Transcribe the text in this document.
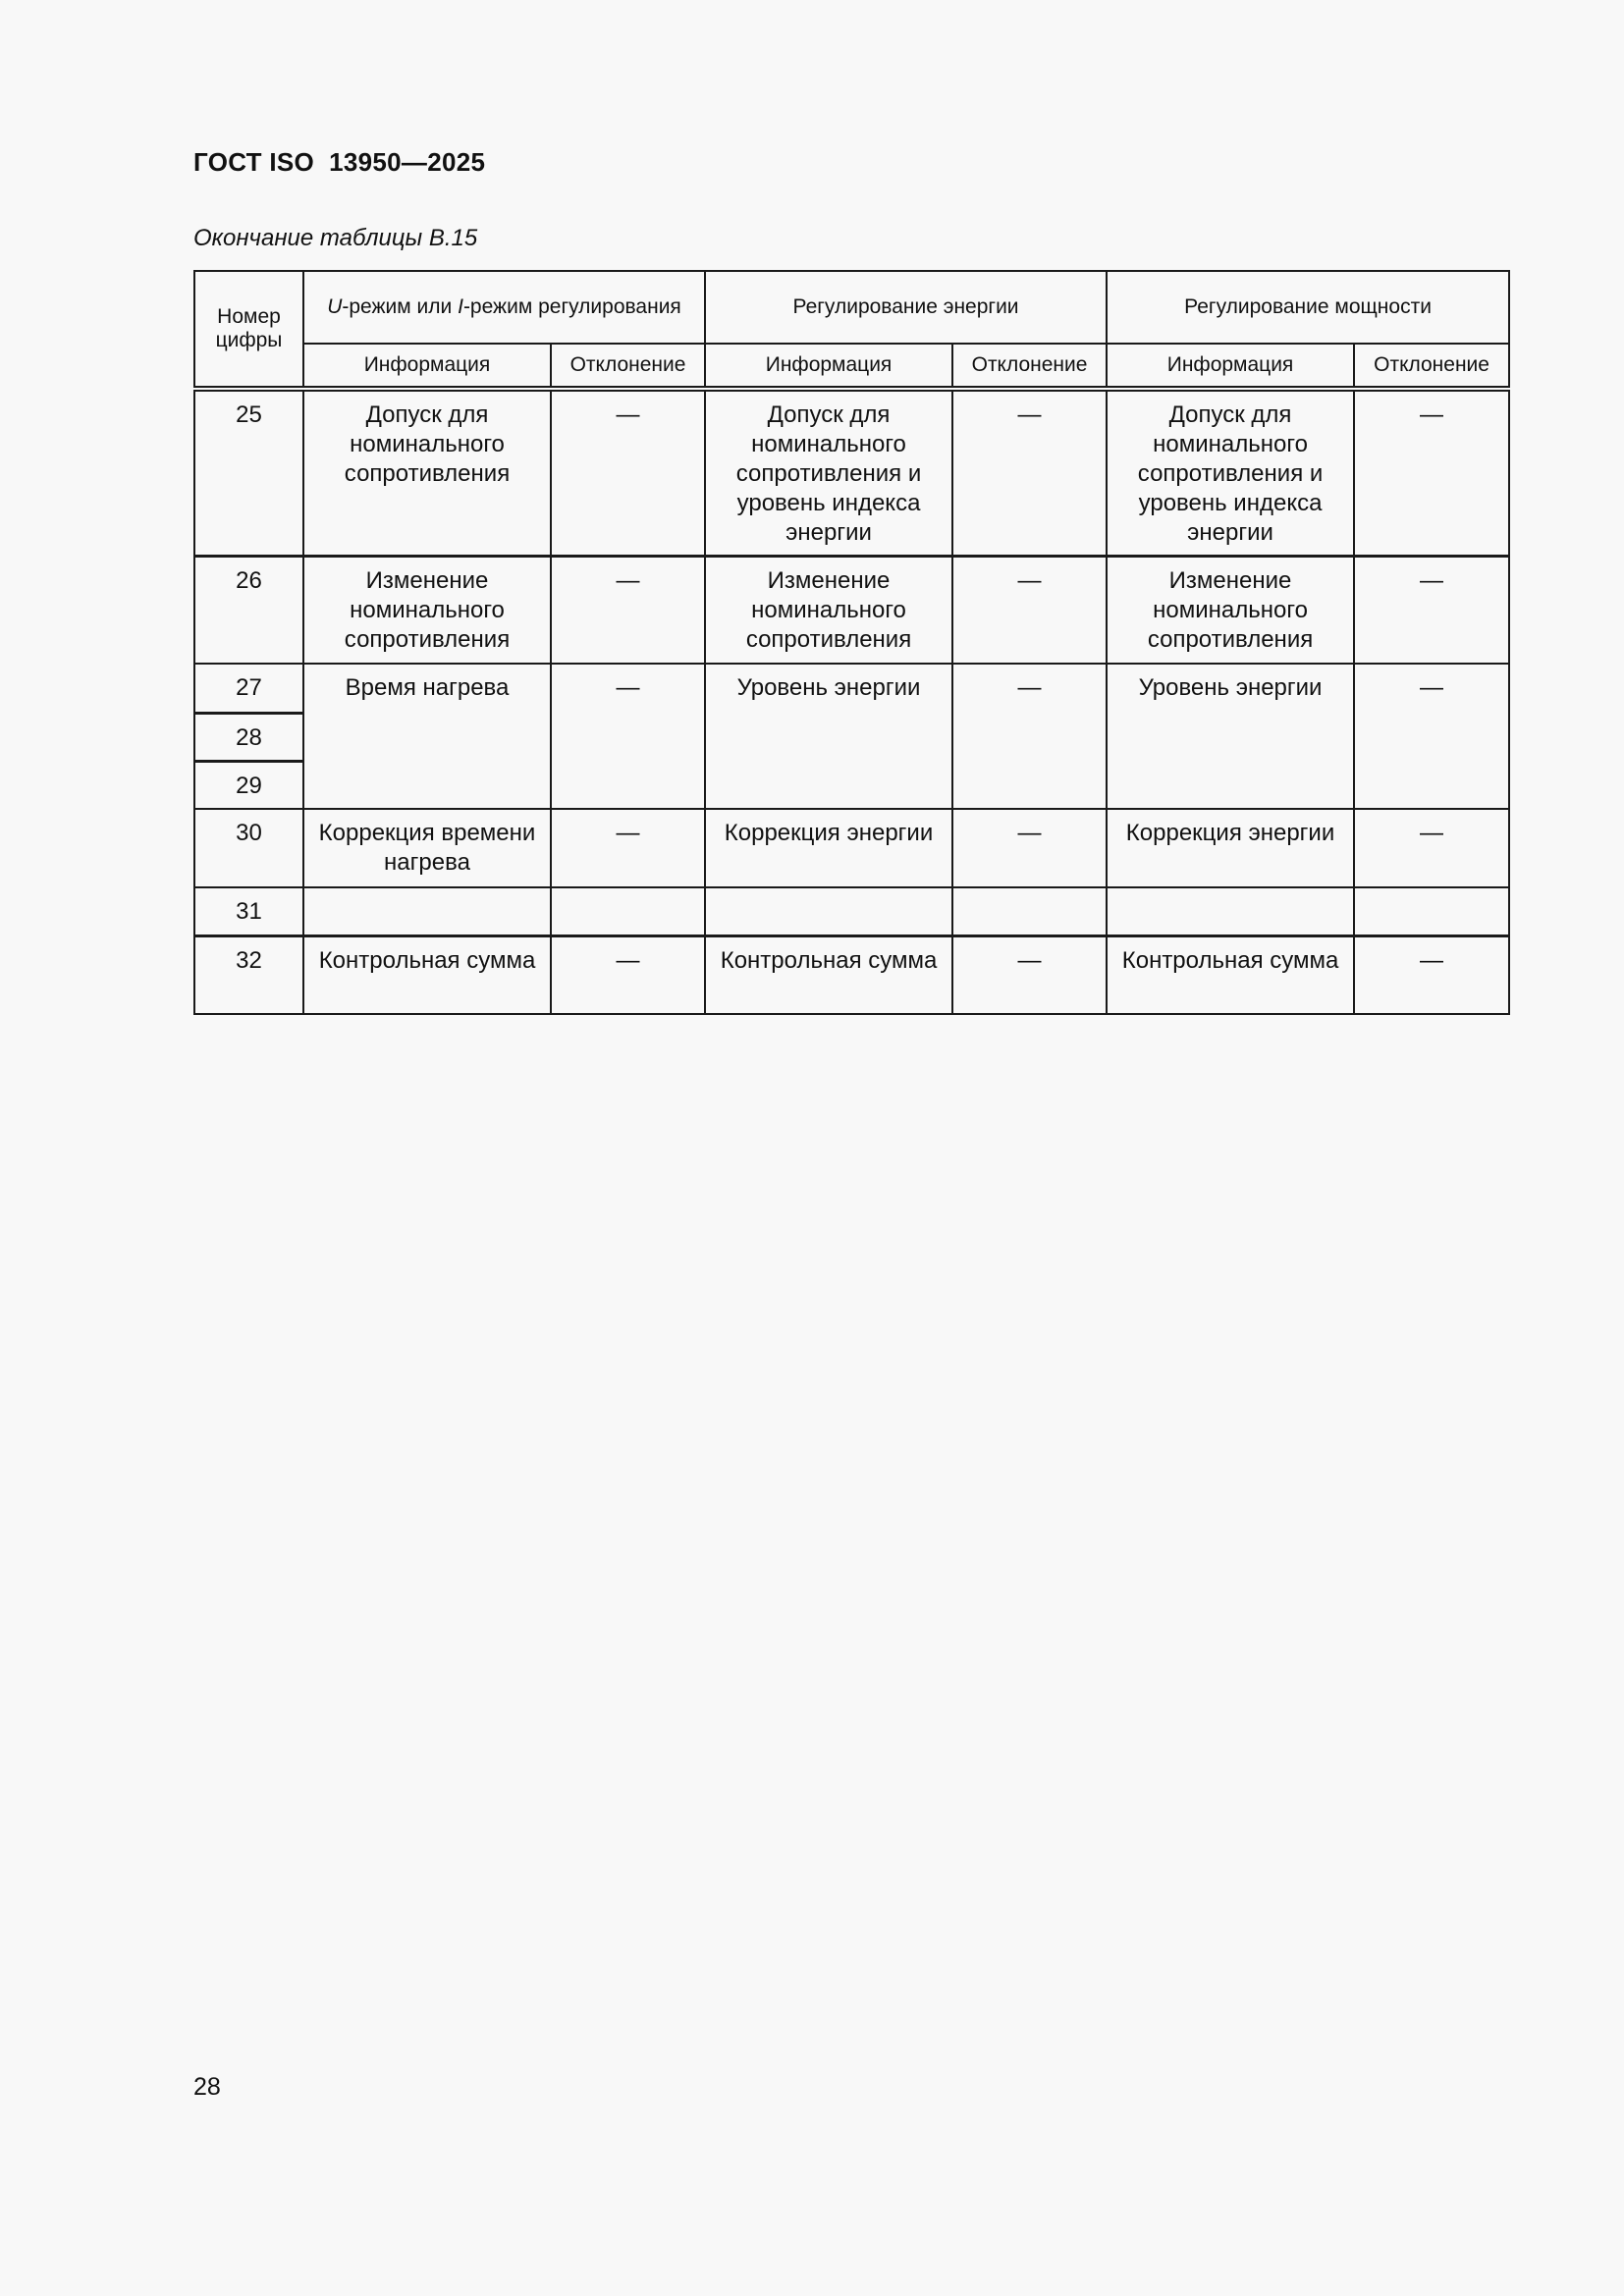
ГОСТ ISO  13950—2025
Окончание таблицы В.15
Номер цифры	U-режим или I-режим регулирования		Регулирование энергии		Регулирование мощности	
	Информация	Отклонение	Информация	Отклонение	Информация	Отклонение
25	Допуск для номинального сопротивления	—	Допуск для номинального сопротивления и уровень индекса энергии	—	Допуск для номинального сопротивления и уровень индекса энергии	—
26	Изменение номинального сопротивления	—	Изменение номинального сопротивления	—	Изменение номинального сопротивления	—
27	Время нагрева	—	Уровень энергии	—	Уровень энергии	—
28						
29						
30	Коррекция времени нагрева	—	Коррекция энергии	—	Коррекция энергии	—
31						
32	Контрольная сумма	—	Контрольная сумма	—	Контрольная сумма	—
28
